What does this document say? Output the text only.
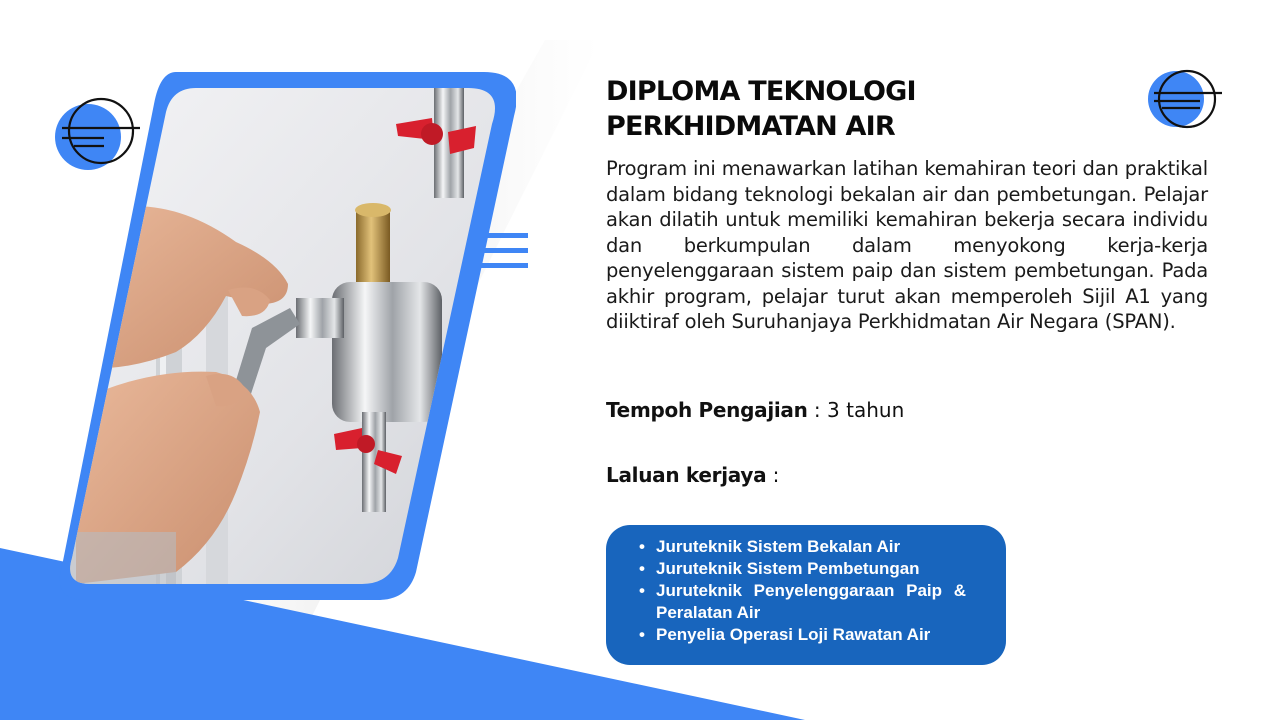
DIPLOMA TEKNOLOGI PERKHIDMATAN AIR

Program ini menawarkan latihan kemahiran teori dan praktikal dalam bidang teknologi bekalan air dan pembetungan. Pelajar akan dilatih untuk memiliki kemahiran bekerja secara individu dan berkumpulan dalam menyokong kerja-kerja penyelenggaraan sistem paip dan sistem pembetungan. Pada akhir program, pelajar turut akan memperoleh Sijil A1 yang diiktiraf oleh Suruhanjaya Perkhidmatan Air Negara (SPAN).

Tempoh Pengajian : 3 tahun

Laluan kerjaya :

• Juruteknik Sistem Bekalan Air
• Juruteknik Sistem Pembetungan
• Juruteknik Penyelenggaraan Paip & Peralatan Air
• Penyelia Operasi Loji Rawatan Air
